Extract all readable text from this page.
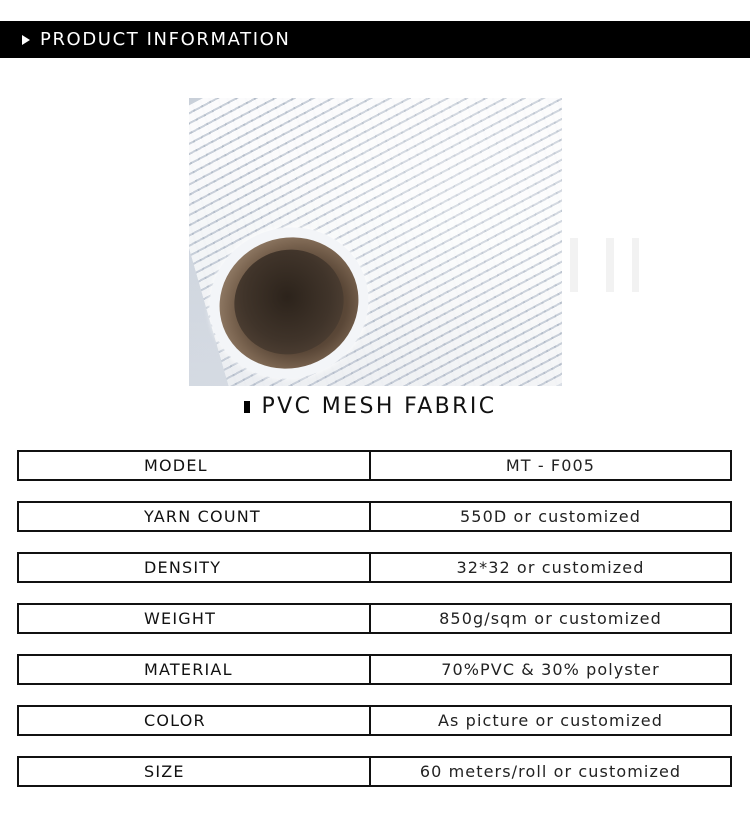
PRODUCT INFORMATION
PVC MESH FABRIC
MODEL	MT - F005
YARN COUNT	550D or customized
DENSITY	32*32 or customized
WEIGHT	850g/sqm or customized
MATERIAL	70%PVC & 30% polyster
COLOR	As picture or customized
SIZE	60 meters/roll or customized
